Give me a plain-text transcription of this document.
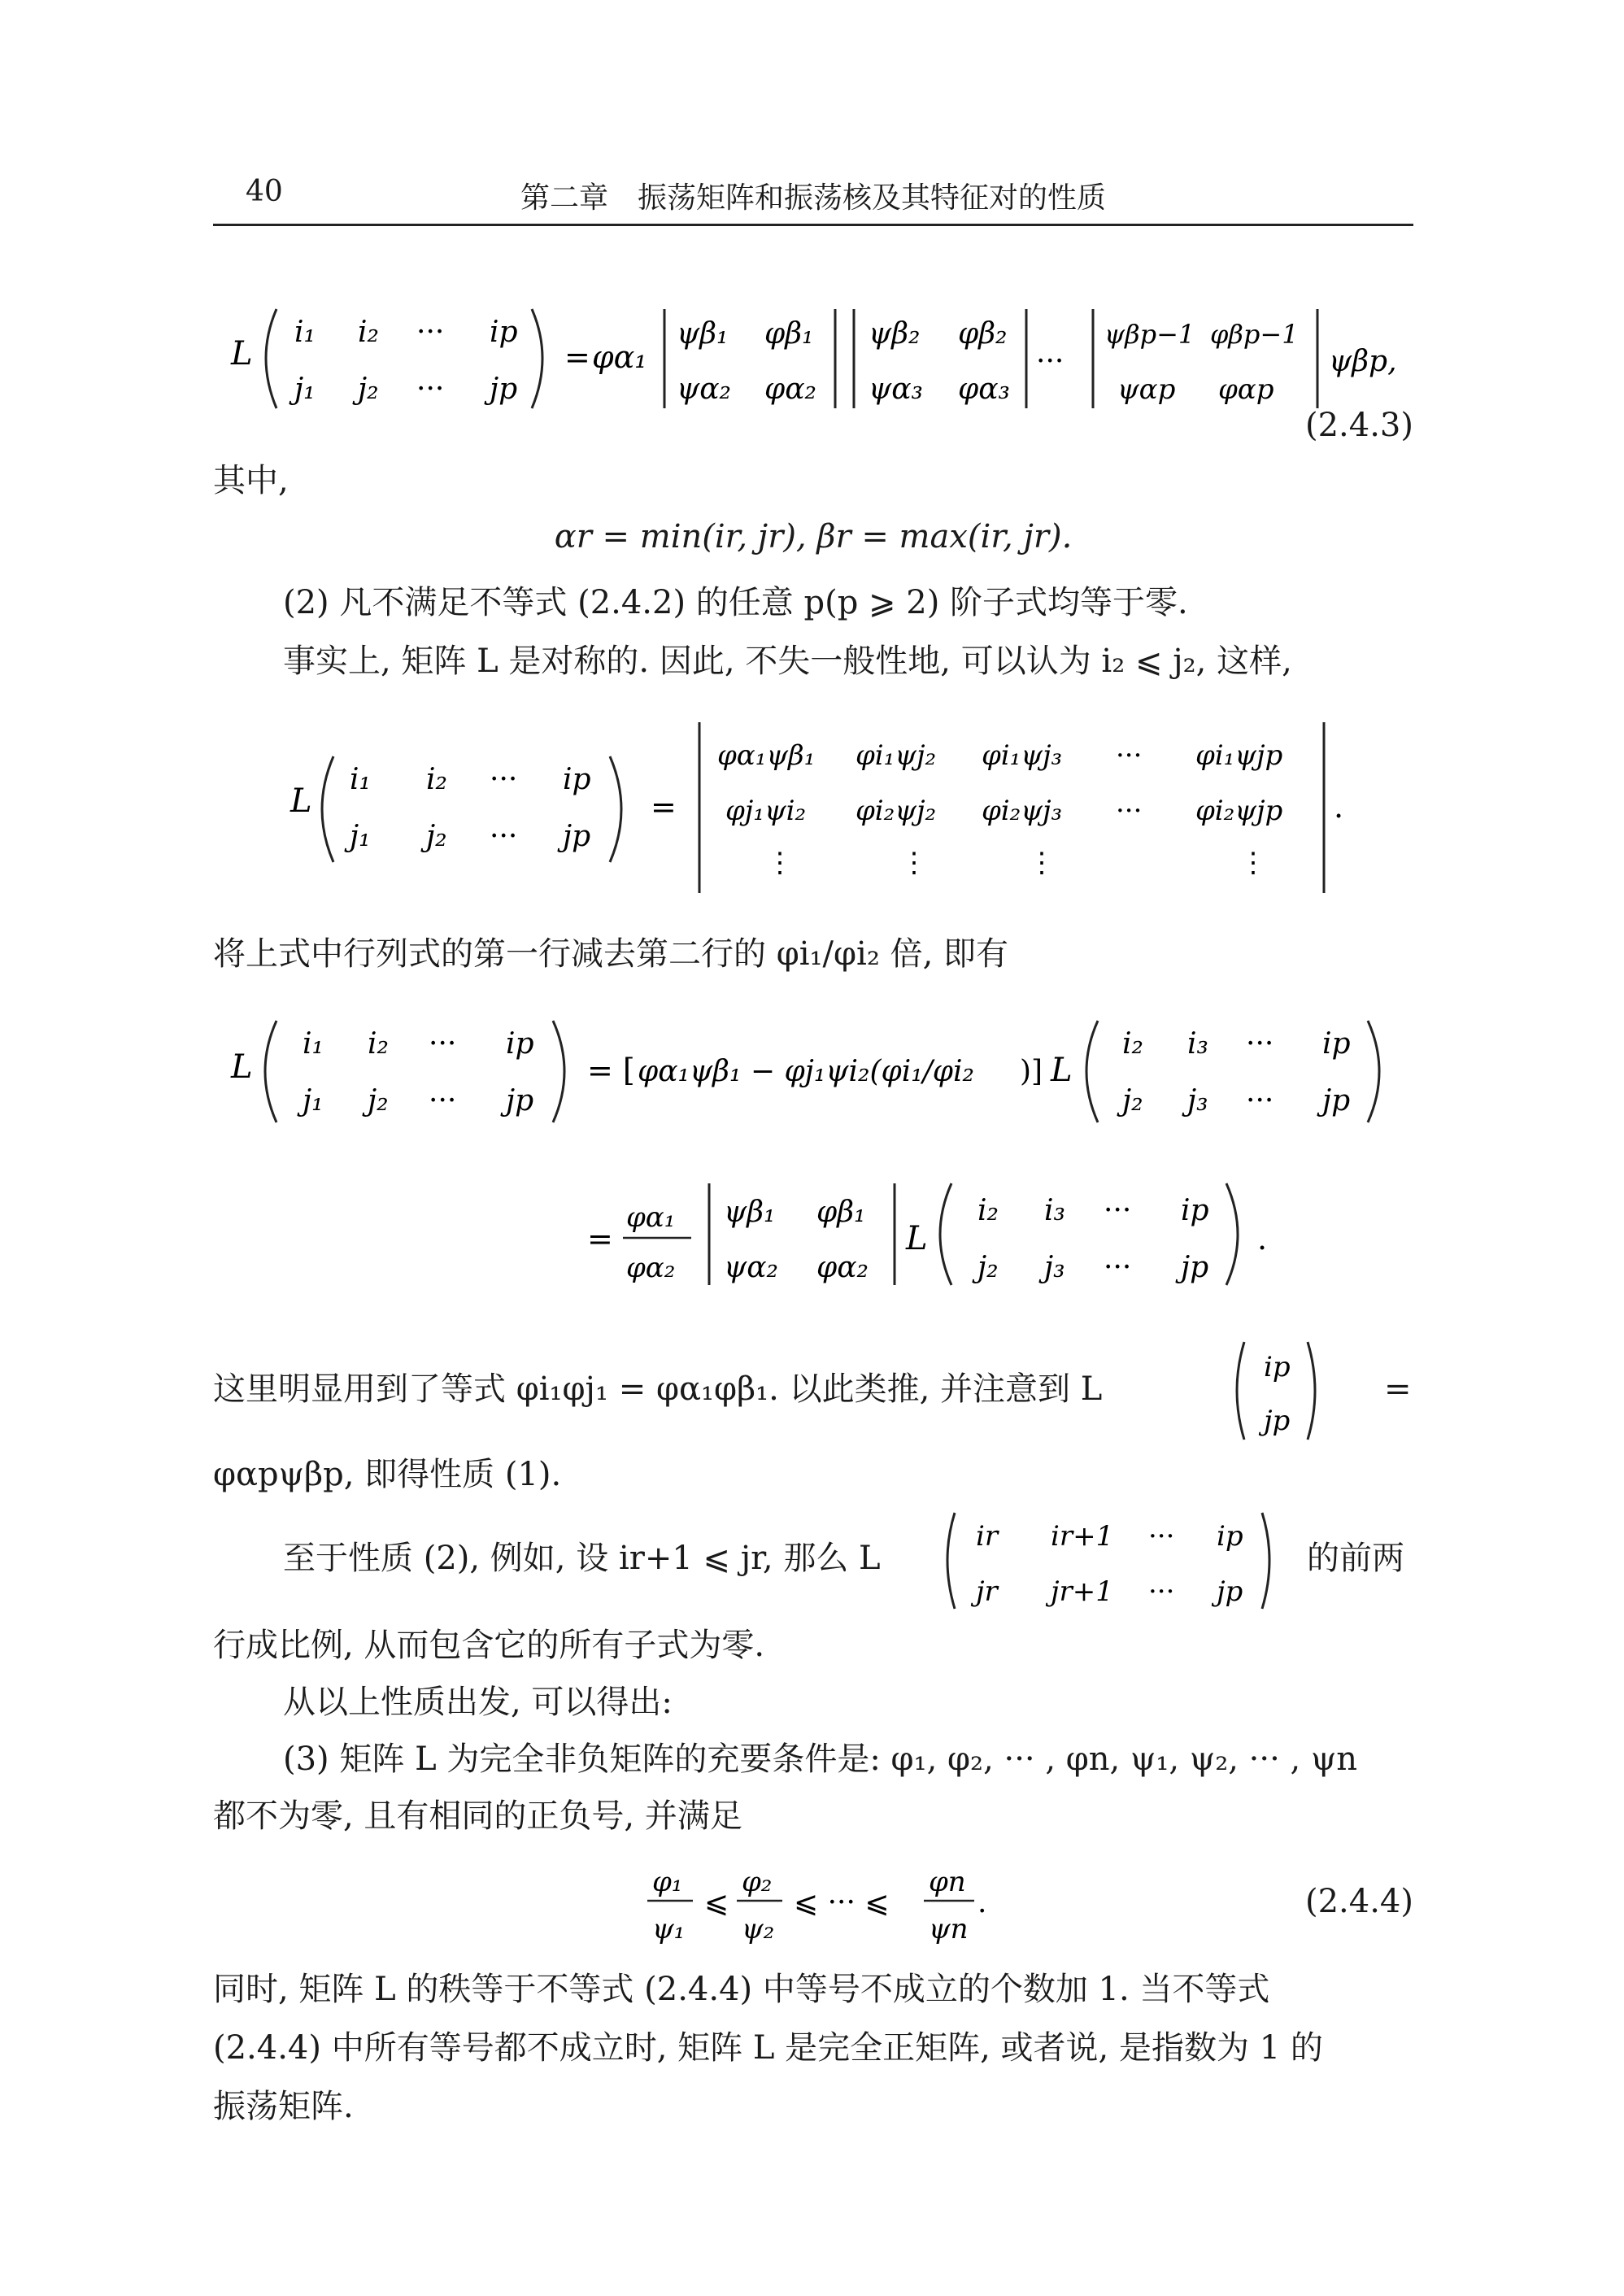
40	第二章　振荡矩阵和振荡核及其特征对的性质
L
i₁ i₂ ··· ip
j₁ j₂ ··· jp
= φα₁
ψβ₁ φβ₁
ψα₂ φα₂
ψβ₂ φβ₂
ψα₃ φα₃
···
ψβp−1 φβp−1
ψαp φαp
ψβp,
(2.4.3)
其中,
αr = min(ir, jr), βr = max(ir, jr).
(2) 凡不满足不等式 (2.4.2) 的任意 p(p ⩾ 2) 阶子式均等于零.
事实上, 矩阵 L 是对称的. 因此, 不失一般性地, 可以认为 i₂ ⩽ j₂, 这样,
L
i₁ i₂ ··· ip
j₁ j₂ ··· jp
=
φα₁ψβ₁ φi₁ψj₂ φi₁ψj₃ ··· φi₁ψjp
φj₁ψi₂ φi₂ψj₂ φi₂ψj₃ ··· φi₂ψjp
⋮	⋮	⋮	⋮
.
将上式中行列式的第一行减去第二行的 φi₁/φi₂ 倍, 即有
L
i₁ i₂ ··· ip
j₁ j₂ ··· jp
= [ φα₁ψβ₁ − φj₁ψi₂(φi₁/φi₂ )] L
i₂ i₃ ··· ip
j₂ j₃ ··· jp
=
φα₁
φα₂
ψβ₁ φβ₁
ψα₂ φα₂
L
i₂ i₃ ··· ip
j₂ j₃ ··· jp
.
这里明显用到了等式 φi₁φj₁ = φα₁φβ₁. 以此类推, 并注意到 L
ip
jp
=
φαpψβp, 即得性质 (1).
至于性质 (2), 例如, 设 ir+1 ⩽ jr, 那么 L
ir ir+1 ··· ip
jr jr+1 ··· jp
的前两
行成比例, 从而包含它的所有子式为零.
从以上性质出发, 可以得出:
(3) 矩阵 L 为完全非负矩阵的充要条件是: φ₁, φ₂, ··· , φn, ψ₁, ψ₂, ··· , ψn
都不为零, 且有相同的正负号, 并满足
φ₁
ψ₁
⩽
φ₂
ψ₂
⩽ ··· ⩽
φn
ψn
.	(2.4.4)
同时, 矩阵 L 的秩等于不等式 (2.4.4) 中等号不成立的个数加 1. 当不等式
(2.4.4) 中所有等号都不成立时, 矩阵 L 是完全正矩阵, 或者说, 是指数为 1 的
振荡矩阵.
